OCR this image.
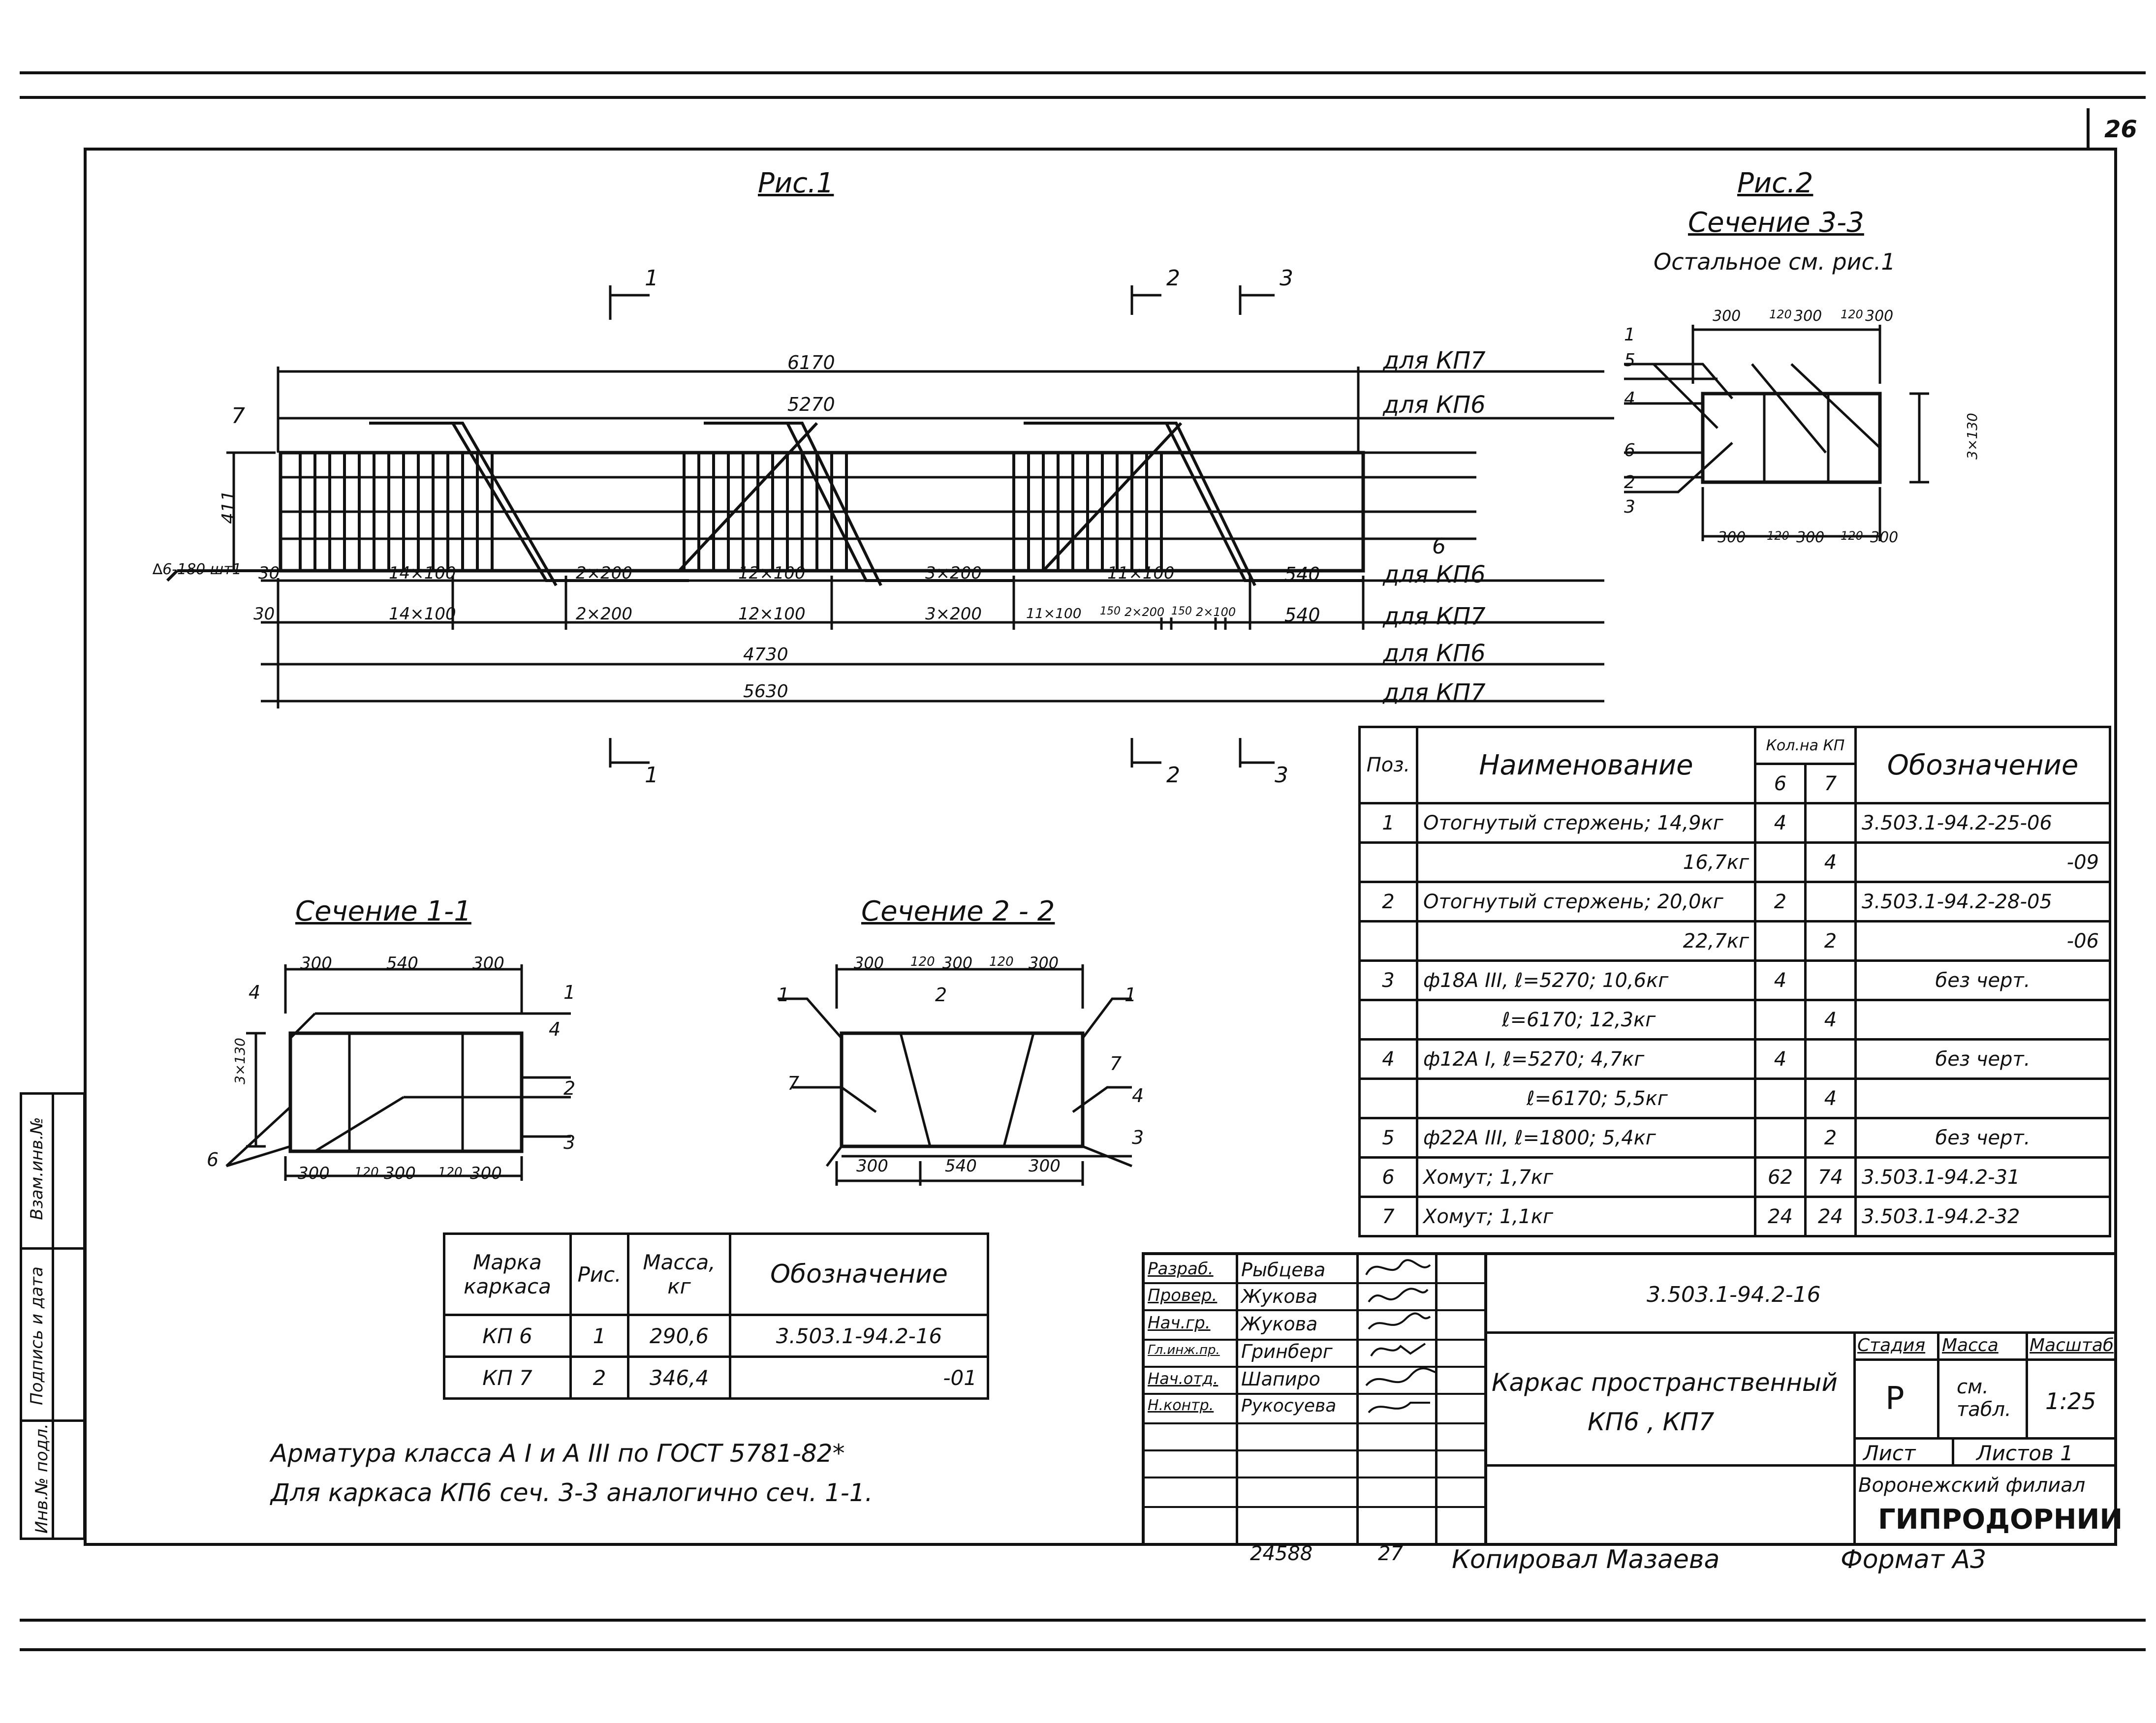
26
Инв.№ подл.
Подпись и дата
Взам.инв.№
Рис.1
1	2	3
1	2	3
6170	для КП7
5270	для КП6
7
411
∆6-180 шт1
6
30	14×100	2×200	12×100	3×200	11×100	540	для КП6
30	14×100	2×200	12×100	3×200	11×100 150 2×200 150 2×100	540	для КП7
4730	для КП6
5630	для КП7
Рис.2
Сечение 3-3
Остальное см. рис.1
300 120 300 120 300
300 120 300 120 300
3×130
1
5
4
6
2
3
Сечение 1-1
300	540	300
300 120 300 120 300
3×130
4
6
1
4
2
3
Сечение 2 - 2
300 120 300 120 300
300	540	300
1
7
2	1
7
4
3
Марка каркаса	Рис.	Масса, кг	Обозначение
КП 6	1	290,6	3.503.1-94.2-16
КП 7	2	346,4	-01
Арматура класса А I и А III по ГОСТ 5781-82*
Для каркаса КП6 сеч. 3-3 аналогично сеч. 1-1.
Поз.	Наименование	Кол.на КП		Обозначение
		6	7	
1	Отогнутый стержень; 14,9кг	4		3.503.1-94.2-25-06
	16,7кг		4	-09
2	Отогнутый стержень; 20,0кг	2		3.503.1-94.2-28-05
	22,7кг		2	-06
3	ф18А III, ℓ=5270; 10,6кг	4		без черт.
	ℓ=6170; 12,3кг		4	
4	ф12А I, ℓ=5270; 4,7кг	4		без черт.
	ℓ=6170; 5,5кг		4	
5	ф22А III, ℓ=1800; 5,4кг		2	без черт.
6	Хомут; 1,7кг	62	74	3.503.1-94.2-31
7	Хомут; 1,1кг	24	24	3.503.1-94.2-32
Разраб. Рыбцева
Провер. Жукова
Нач.гр. Жукова
Гл.инж.пр. Гринберг
Нач.отд. Шапиро
Н.контр. Рукосуева
3.503.1-94.2-16
Каркас пространственный
КП6 , КП7
Стадия Масса Масштаб
Р	см. табл. 1:25
Лист	Листов 1
Воронежский филиал
ГИПРОДОРНИИ
24588	27 Копировал Мазаева	Формат А3
